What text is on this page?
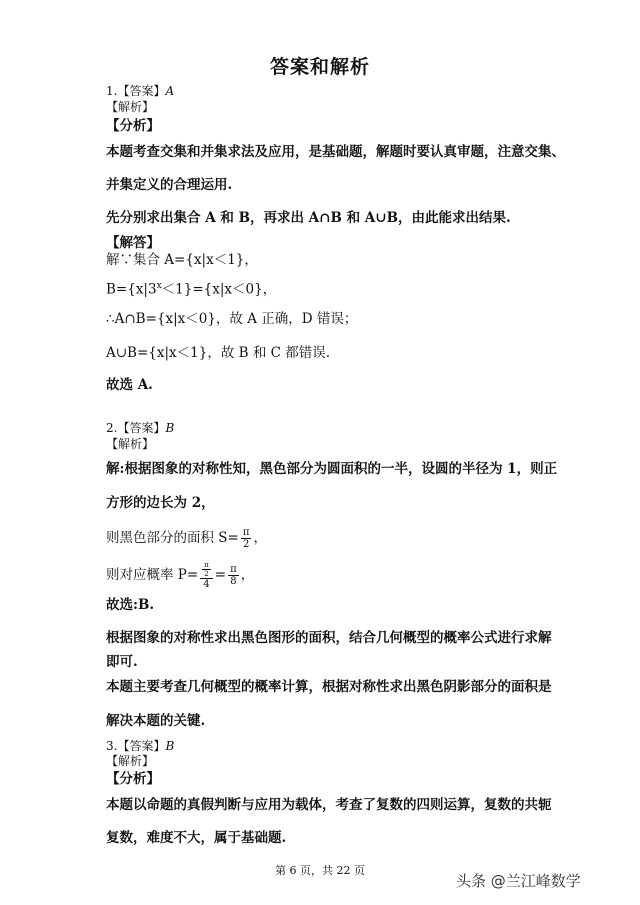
答案和解析
1.【答案】A
【解析】
【分析】
本题考查交集和并集求法及应用，是基础题，解题时要认真审题，注意交集、
并集定义的合理运用.
先分别求出集合 A 和 B，再求出 A∩B 和 A∪B，由此能求出结果.
【解答】
解∵集合 A={x|x＜1}，
$B=\{x|3^x<1\}=\{x|x<0\}$，
∴A∩B={x|x＜0}，故 A 正确，D 错误；
A∪B={x|x＜1}，故 B 和 C 都错误.
故选 A.
2.【答案】B
【解析】
解:根据图象的对称性知，黑色部分为圆面积的一半，设圆的半径为 1，则正
方形的边长为 2，
则黑色部分的面积 $S= \frac{\pi}{2}$ ，
则对应概率 $P= \frac{\frac{\pi}{2}}{4} = \frac{\pi}{8}$ ，
故选:B.
根据图象的对称性求出黑色图形的面积，结合几何概型的概率公式进行求解
即可.
本题主要考查几何概型的概率计算，根据对称性求出黑色阴影部分的面积是
解决本题的关键.
3.【答案】B
【解析】
【分析】
本题以命题的真假判断与应用为载体，考查了复数的四则运算，复数的共轭
复数，难度不大，属于基础题.
第 6 页，共 22 页
头条 @兰江峰数学
